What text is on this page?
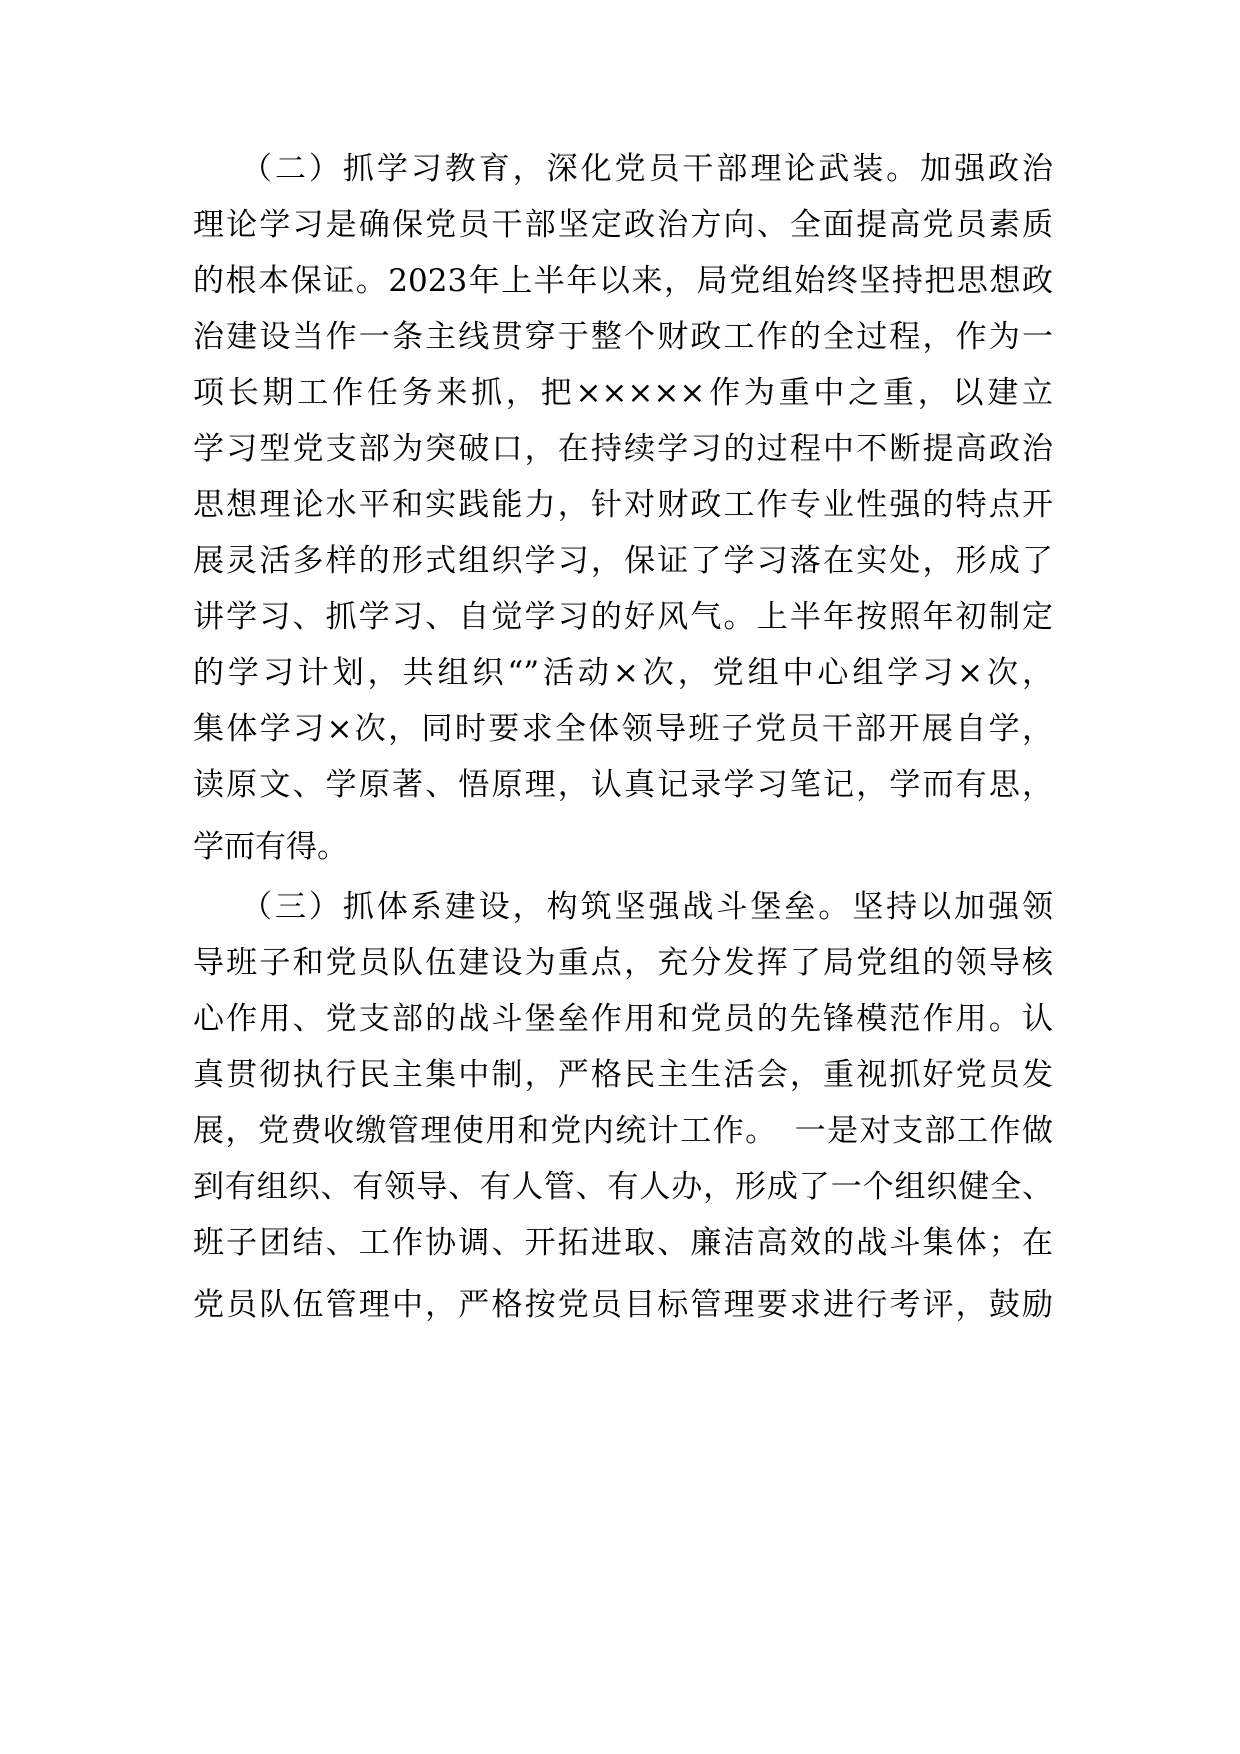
（二）抓学习教育，深化党员干部理论武装。加强政治
理论学习是确保党员干部坚定政治方向、全面提高党员素质
的根本保证。2023年上半年以来，局党组始终坚持把思想政
治建设当作一条主线贯穿于整个财政工作的全过程，作为一
项长期工作任务来抓，把×××××作为重中之重，以建立
学习型党支部为突破口，在持续学习的过程中不断提高政治
思想理论水平和实践能力，针对财政工作专业性强的特点开
展灵活多样的形式组织学习，保证了学习落在实处，形成了
讲学习、抓学习、自觉学习的好风气。上半年按照年初制定
的学习计划，共组织“”活动×次，党组中心组学习×次，
集体学习×次，同时要求全体领导班子党员干部开展自学，
读原文、学原著、悟原理，认真记录学习笔记，学而有思，
学而有得。
（三）抓体系建设，构筑坚强战斗堡垒。坚持以加强领
导班子和党员队伍建设为重点，充分发挥了局党组的领导核
心作用、党支部的战斗堡垒作用和党员的先锋模范作用。认
真贯彻执行民主集中制，严格民主生活会，重视抓好党员发
展，党费收缴管理使用和党内统计工作。　一是对支部工作做
到有组织、有领导、有人管、有人办，形成了一个组织健全、
班子团结、工作协调、开拓进取、廉洁高效的战斗集体；在
党员队伍管理中，严格按党员目标管理要求进行考评，鼓励
